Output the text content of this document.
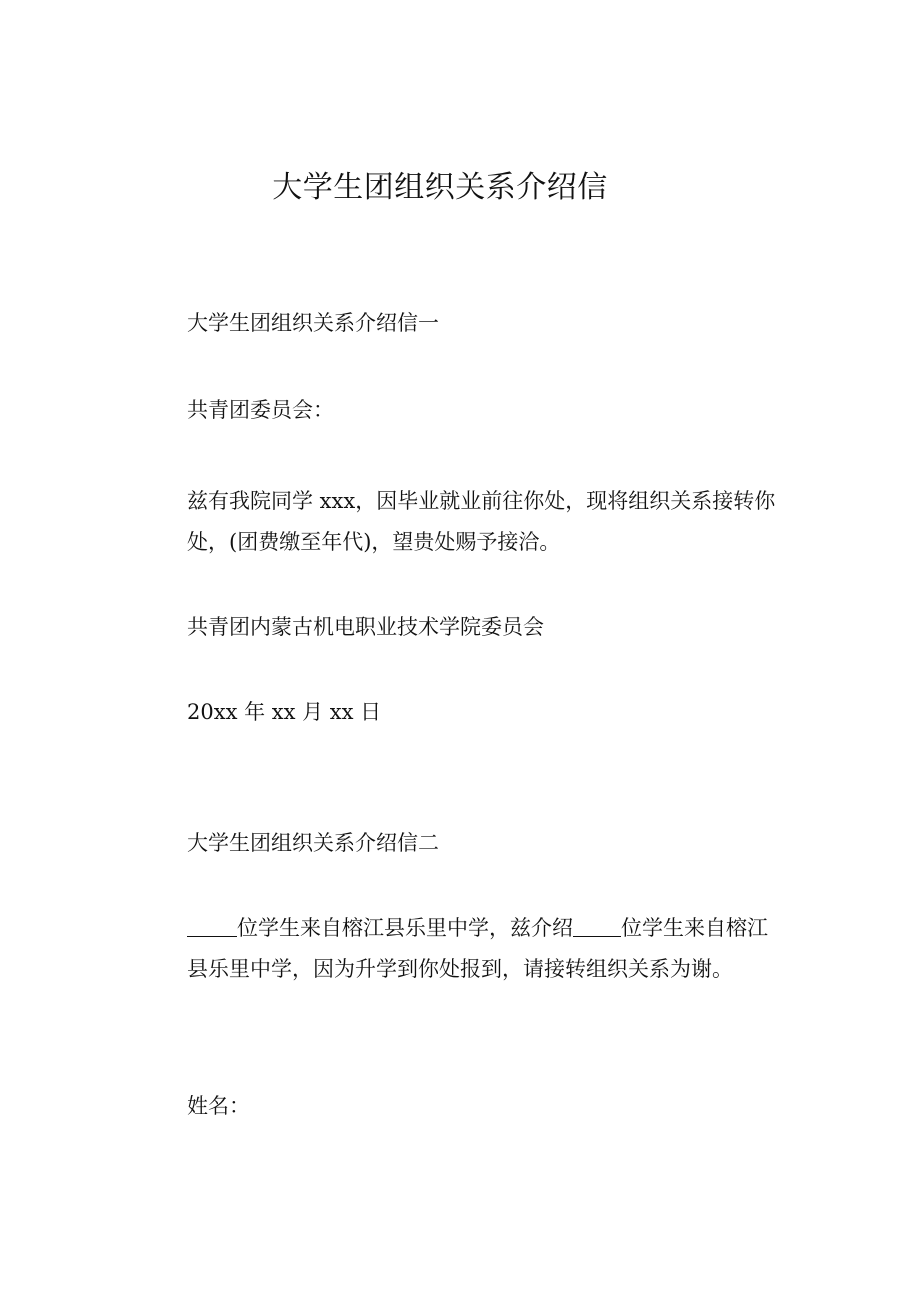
大学生团组织关系介绍信

大学生团组织关系介绍信一

共青团委员会：

兹有我院同学 xxx，因毕业就业前往你处，现将组织关系接转你处，(团费缴至年代)，望贵处赐予接洽。

共青团内蒙古机电职业技术学院委员会

20xx 年 xx 月 xx 日

大学生团组织关系介绍信二

位学生来自榕江县乐里中学，兹介绍 位学生来自榕江县乐里中学，因为升学到你处报到，请接转组织关系为谢。

姓名：
